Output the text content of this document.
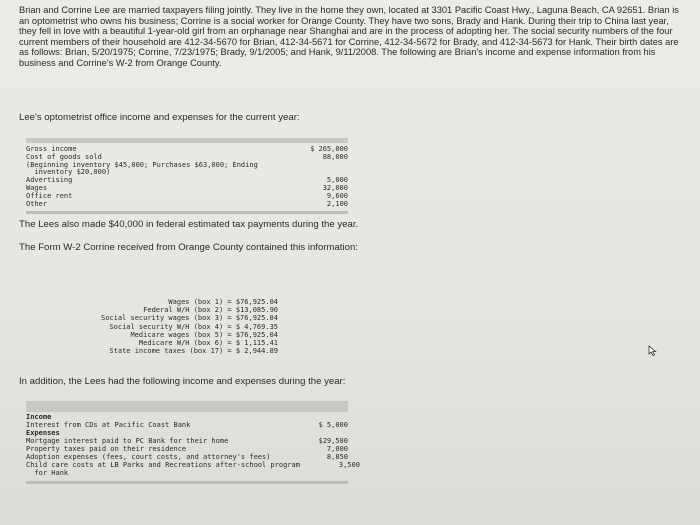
Brian and Corrine Lee are married taxpayers filing jointly. They live in the home they own, located at 3301 Pacific Coast Hwy., Laguna Beach, CA 92651. Brian is an optometrist who owns his business; Corrine is a social worker for Orange County. They have two sons, Brady and Hank. During their trip to China last year, they fell in love with a beautiful 1-year-old girl from an orphanage near Shanghai and are in the process of adopting her. The social security numbers of the four current members of their household are 412-34-5670 for Brian, 412-34-5671 for Corrine, 412-34-5672 for Brady, and 412-34-5673 for Hank. Their birth dates are as follows: Brian, 5/20/1975; Corrine, 7/23/1975; Brady, 9/1/2005; and Hank, 9/11/2008. The following are Brian's income and expense information from his business and Corrine's W-2 from Orange County.

Lee's optometrist office income and expenses for the current year:

Gross income	$ 265,000
Cost of goods sold	88,000
(Beginning inventory $45,000; Purchases $63,000; Ending
inventory $20,000)
Advertising	5,000
Wages	32,000
Office rent	9,600
Other	2,100

The Lees also made $40,000 in federal estimated tax payments during the year.

The Form W-2 Corrine received from Orange County contained this information:

Wages (box 1) = $76,925.04
Federal W/H (box 2) = $13,085.90
Social security wages (box 3) = $76,925.04
Social security W/H (box 4) = $ 4,769.35
Medicare wages (box 5) = $76,925.04
Medicare W/H (box 6) = $ 1,115.41
State income taxes (box 17) = $ 2,944.89

In addition, the Lees had the following income and expenses during the year:

Income
Interest from CDs at Pacific Coast Bank	$ 5,000
Expenses
Mortgage interest paid to PC Bank for their home	$29,500
Property taxes paid on their residence	7,000
Adoption expenses (fees, court costs, and attorney's fees)	8,850
Child care costs at LB Parks and Recreations after-school program	3,500
for Hank
